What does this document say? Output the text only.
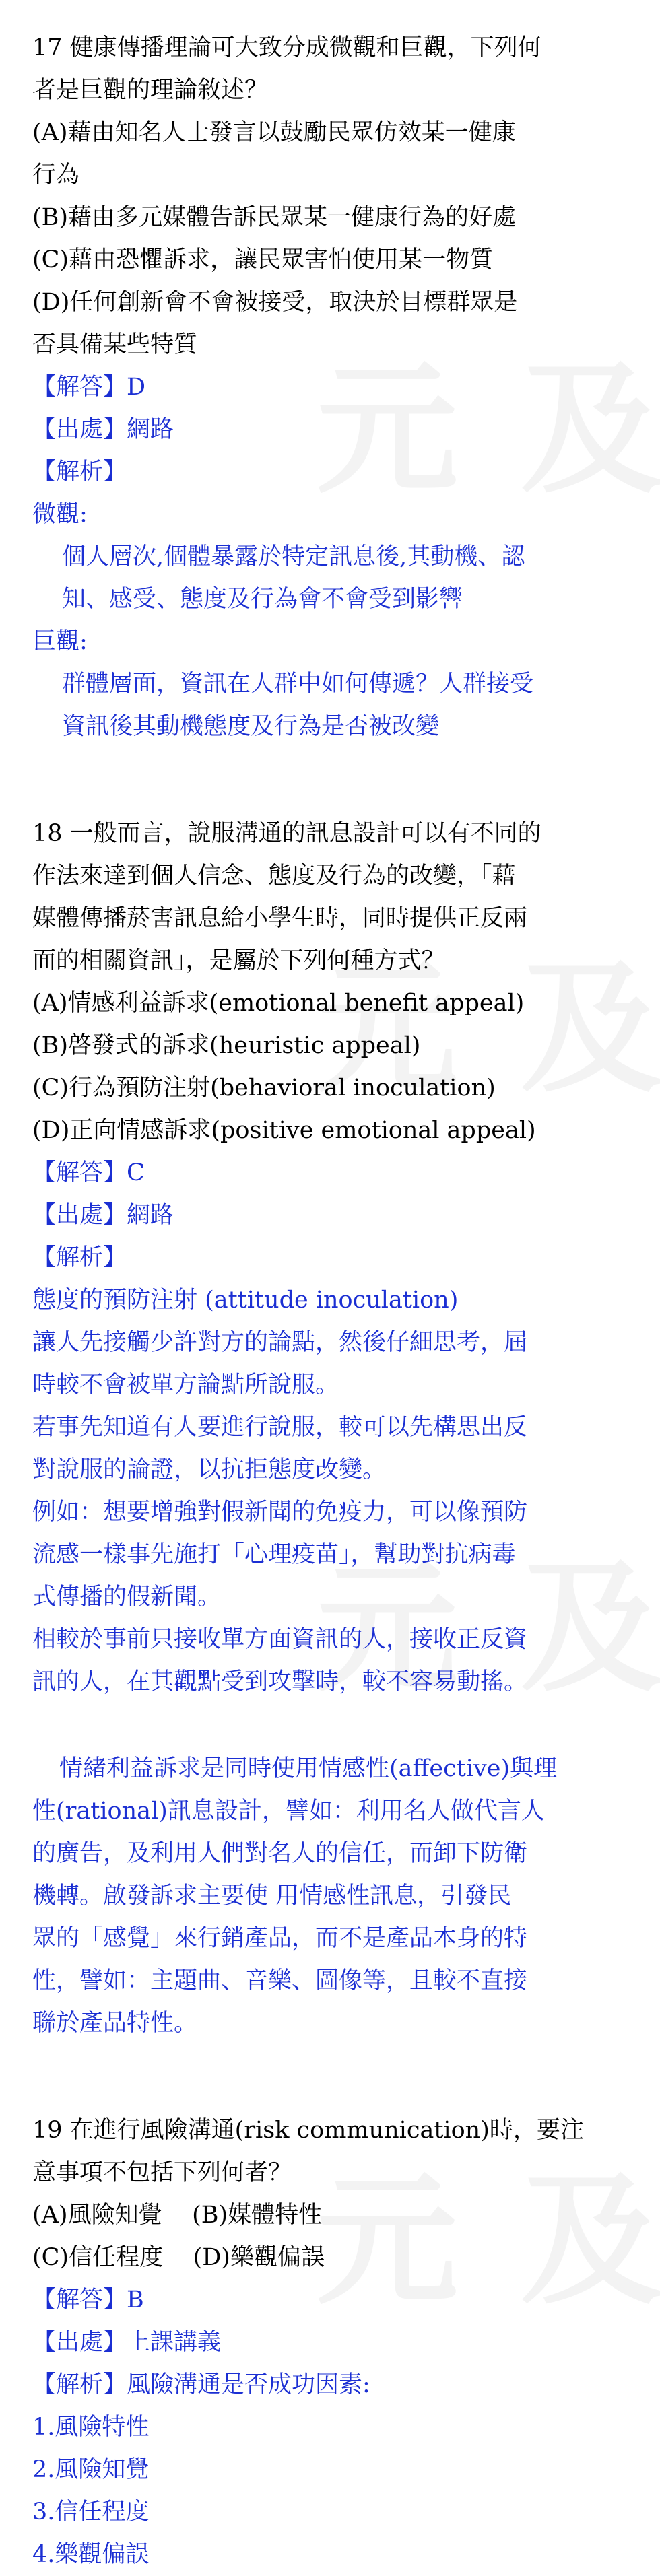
17 健康傳播理論可大致分成微觀和巨觀，下列何
者是巨觀的理論敘述？
(A)藉由知名人士發言以鼓勵民眾仿效某一健康
行為
(B)藉由多元媒體告訴民眾某一健康行為的好處
(C)藉由恐懼訴求，讓民眾害怕使用某一物質
(D)任何創新會不會被接受，取決於目標群眾是
否具備某些特質
【解答】D
【出處】網路
【解析】
微觀:
個人層次,個體暴露於特定訊息後,其動機、認
知、感受、態度及行為會不會受到影響
巨觀:
群體層面，資訊在人群中如何傳遞？人群接受
資訊後其動機態度及行為是否被改變
18 一般而言，說服溝通的訊息設計可以有不同的
作法來達到個人信念、態度及行為的改變，「藉
媒體傳播菸害訊息給小學生時，同時提供正反兩
面的相關資訊」，是屬於下列何種方式？
(A)情感利益訴求(emotional benefit appeal)
(B)啓發式的訴求(heuristic appeal)
(C)行為預防注射(behavioral inoculation)
(D)正向情感訴求(positive emotional appeal)
【解答】C
【出處】網路
【解析】
態度的預防注射 (attitude inoculation)
讓人先接觸少許對方的論點，然後仔細思考，屆
時較不會被單方論點所說服。
若事先知道有人要進行說服，較可以先構思出反
對說服的論證，以抗拒態度改變。
例如：想要增強對假新聞的免疫力，可以像預防
流感一樣事先施打「心理疫苗」，幫助對抗病毒
式傳播的假新聞。
相較於事前只接收單方面資訊的人，接收正反資
訊的人，在其觀點受到攻擊時，較不容易動搖。
情緒利益訴求是同時使用情感性(affective)與理
性(rational)訊息設計，譬如：利用名人做代言人
的廣告，及利用人們對名人的信任，而卸下防衛
機轉。啟發訴求主要使 用情感性訊息，引發民
眾的「感覺」來行銷產品，而不是產品本身的特
性，譬如：主題曲、音樂、圖像等，且較不直接
聯於產品特性。
19 在進行風險溝通(risk communication)時，要注
意事項不包括下列何者？
(A)風險知覺    (B)媒體特性
(C)信任程度    (D)樂觀偏誤
【解答】B
【出處】上課講義
【解析】風險溝通是否成功因素:
1.風險特性
2.風險知覺
3.信任程度
4.樂觀偏誤
